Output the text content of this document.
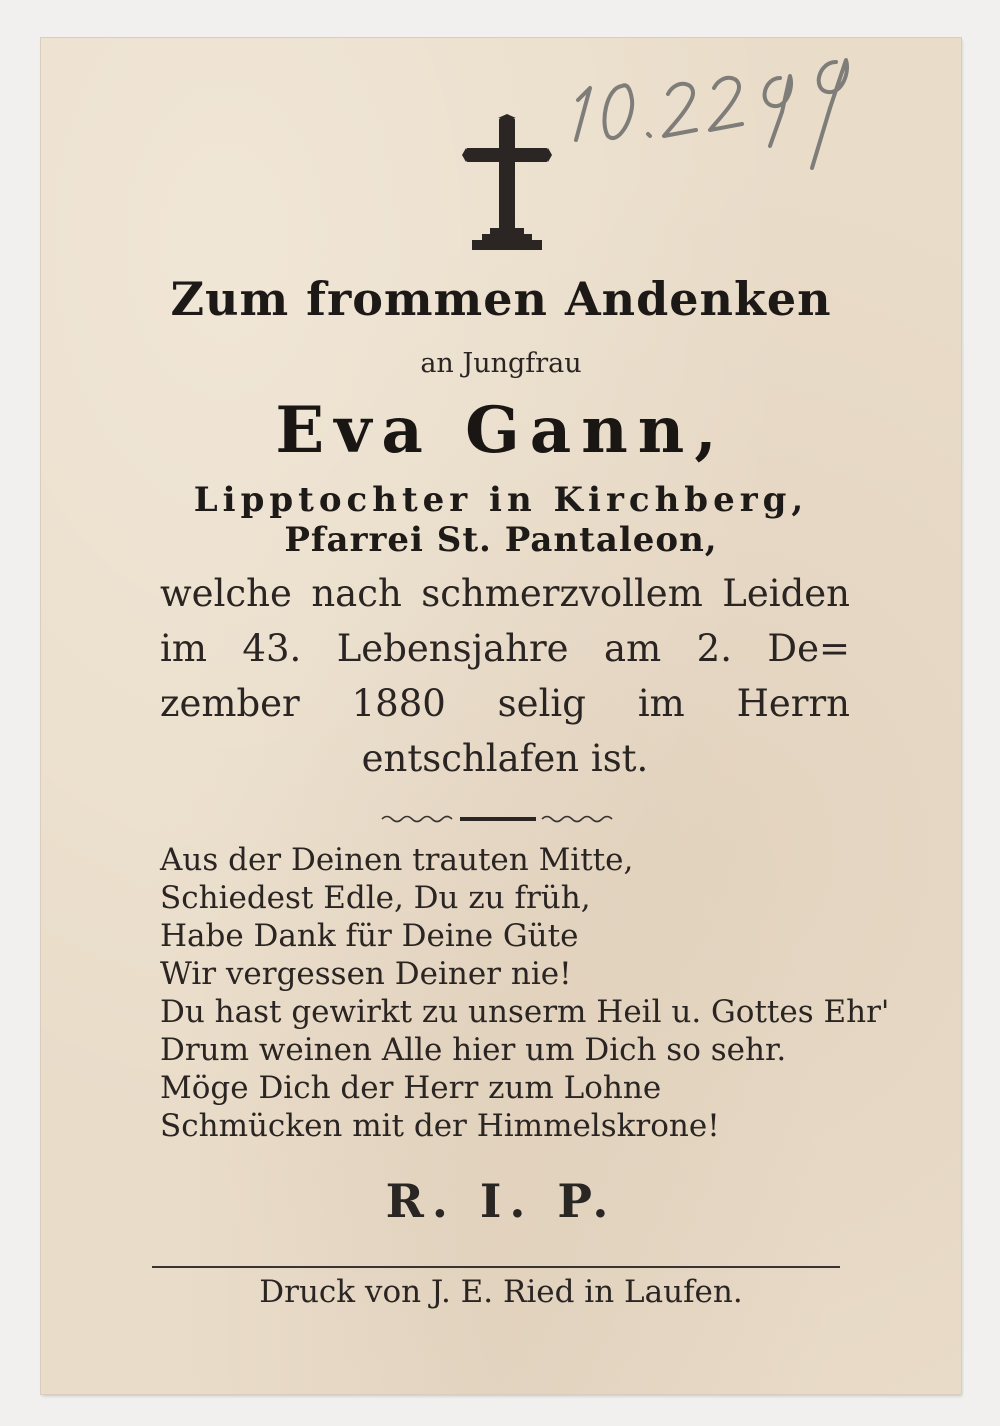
Zum frommen Andenken
an Jungfrau
Eva Gann,
Lipptochter in Kirchberg,
Pfarrei St. Pantaleon,
welche nach schmerzvollem Leiden
im 43. Lebensjahre am 2. De=
zember 1880 selig im Herrn
entschlafen ist.
Aus der Deinen trauten Mitte,
Schiedest Edle, Du zu früh,
Habe Dank für Deine Güte
Wir vergessen Deiner nie!
Du hast gewirkt zu unserm Heil u. Gottes Ehr'
Drum weinen Alle hier um Dich so sehr.
Möge Dich der Herr zum Lohne
Schmücken mit der Himmelskrone!
R. I. P.
Druck von J. E. Ried in Laufen.
